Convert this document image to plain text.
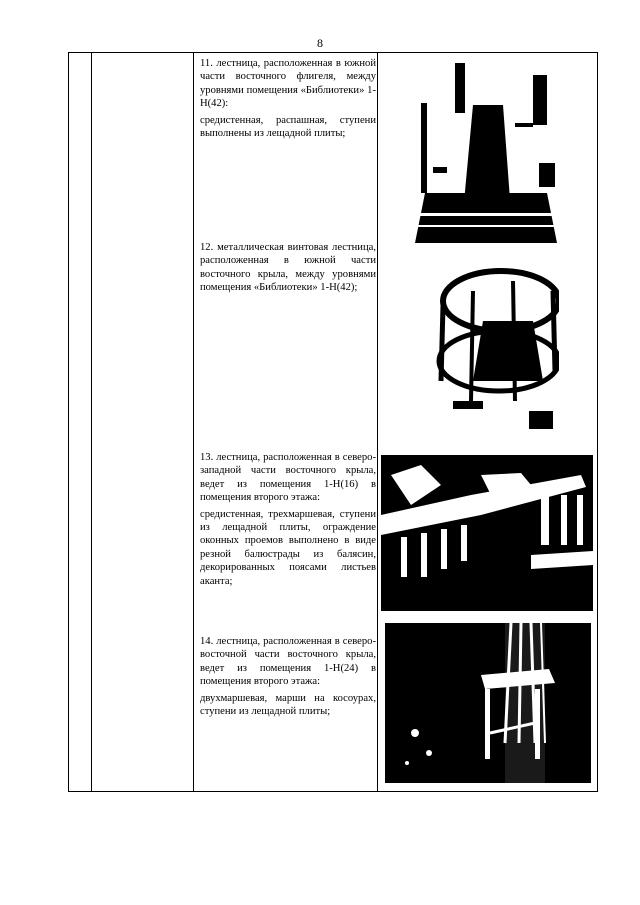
8

11. лестница, расположенная в южной части восточного флигеля, между уровнями помещения «Библиотеки» 1-Н(42):

средистенная, распашная, ступени выполнены из лещадной плиты;

12. металлическая винтовая лестница, расположенная в южной части восточного крыла, между уровнями помещения «Библиотеки» 1-Н(42);

13. лестница, расположенная в северо-западной части восточного крыла, ведет из помещения 1-Н(16) в помещения второго этажа:

средистенная, трехмаршевая, ступени из лещадной плиты, ограждение оконных проемов выполнено в виде резной балюстрады из балясин, декорированных поясами листьев аканта;

14. лестница, расположенная в северо-восточной части восточного крыла, ведет из помещения 1-Н(24) в помещения второго этажа:

двухмаршевая, марши на косоурах, ступени из лещадной плиты;
